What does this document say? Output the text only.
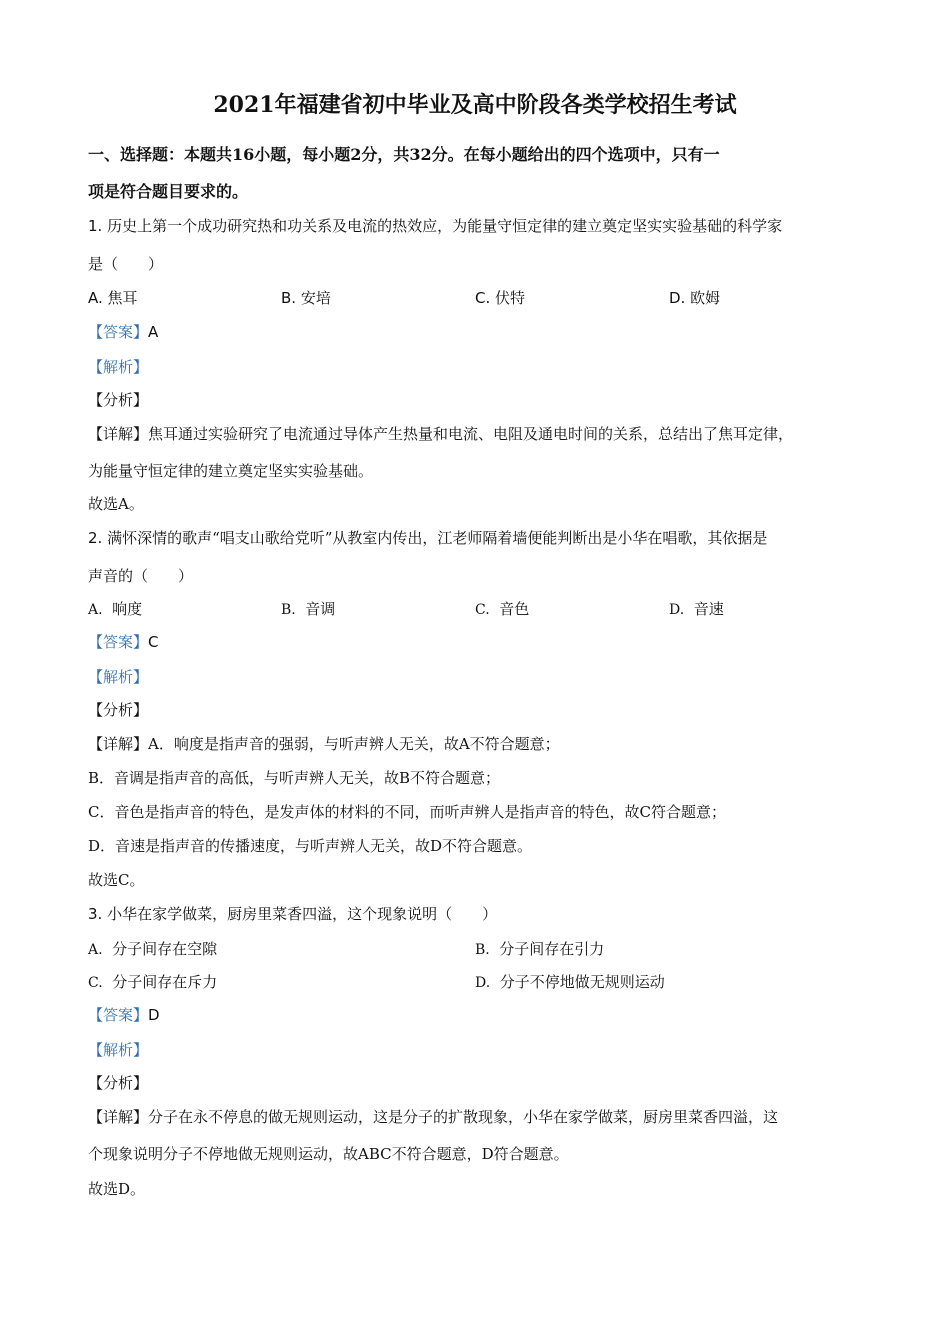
2021年福建省初中毕业及高中阶段各类学校招生考试
一、选择题：本题共16小题，每小题2分，共32分。在每小题给出的四个选项中，只有一
项是符合题目要求的。
1. 历史上第一个成功研究热和功关系及电流的热效应，为能量守恒定律的建立奠定坚实实验基础的科学家
是（　　）
A. 焦耳	B. 安培	C. 伏特	D. 欧姆
【答案】A
【解析】
【分析】
【详解】焦耳通过实验研究了电流通过导体产生热量和电流、电阻及通电时间的关系，总结出了焦耳定律，
为能量守恒定律的建立奠定坚实实验基础。
故选A。
2. 满怀深情的歌声“唱支山歌给党听”从教室内传出，江老师隔着墙便能判断出是小华在唱歌，其依据是
声音的（　　）
A. 响度	B. 音调	C. 音色	D. 音速
【答案】C
【解析】
【分析】
【详解】A．响度是指声音的强弱，与听声辨人无关，故A不符合题意；
B．音调是指声音的高低，与听声辨人无关，故B不符合题意；
C．音色是指声音的特色，是发声体的材料的不同，而听声辨人是指声音的特色，故C符合题意；
D．音速是指声音的传播速度，与听声辨人无关，故D不符合题意。
故选C。
3. 小华在家学做菜，厨房里菜香四溢，这个现象说明（　　）
A. 分子间存在空隙	B. 分子间存在引力
C. 分子间存在斥力	D. 分子不停地做无规则运动
【答案】D
【解析】
【分析】
【详解】分子在永不停息的做无规则运动，这是分子的扩散现象，小华在家学做菜，厨房里菜香四溢，这
个现象说明分子不停地做无规则运动，故ABC不符合题意，D符合题意。
故选D。
